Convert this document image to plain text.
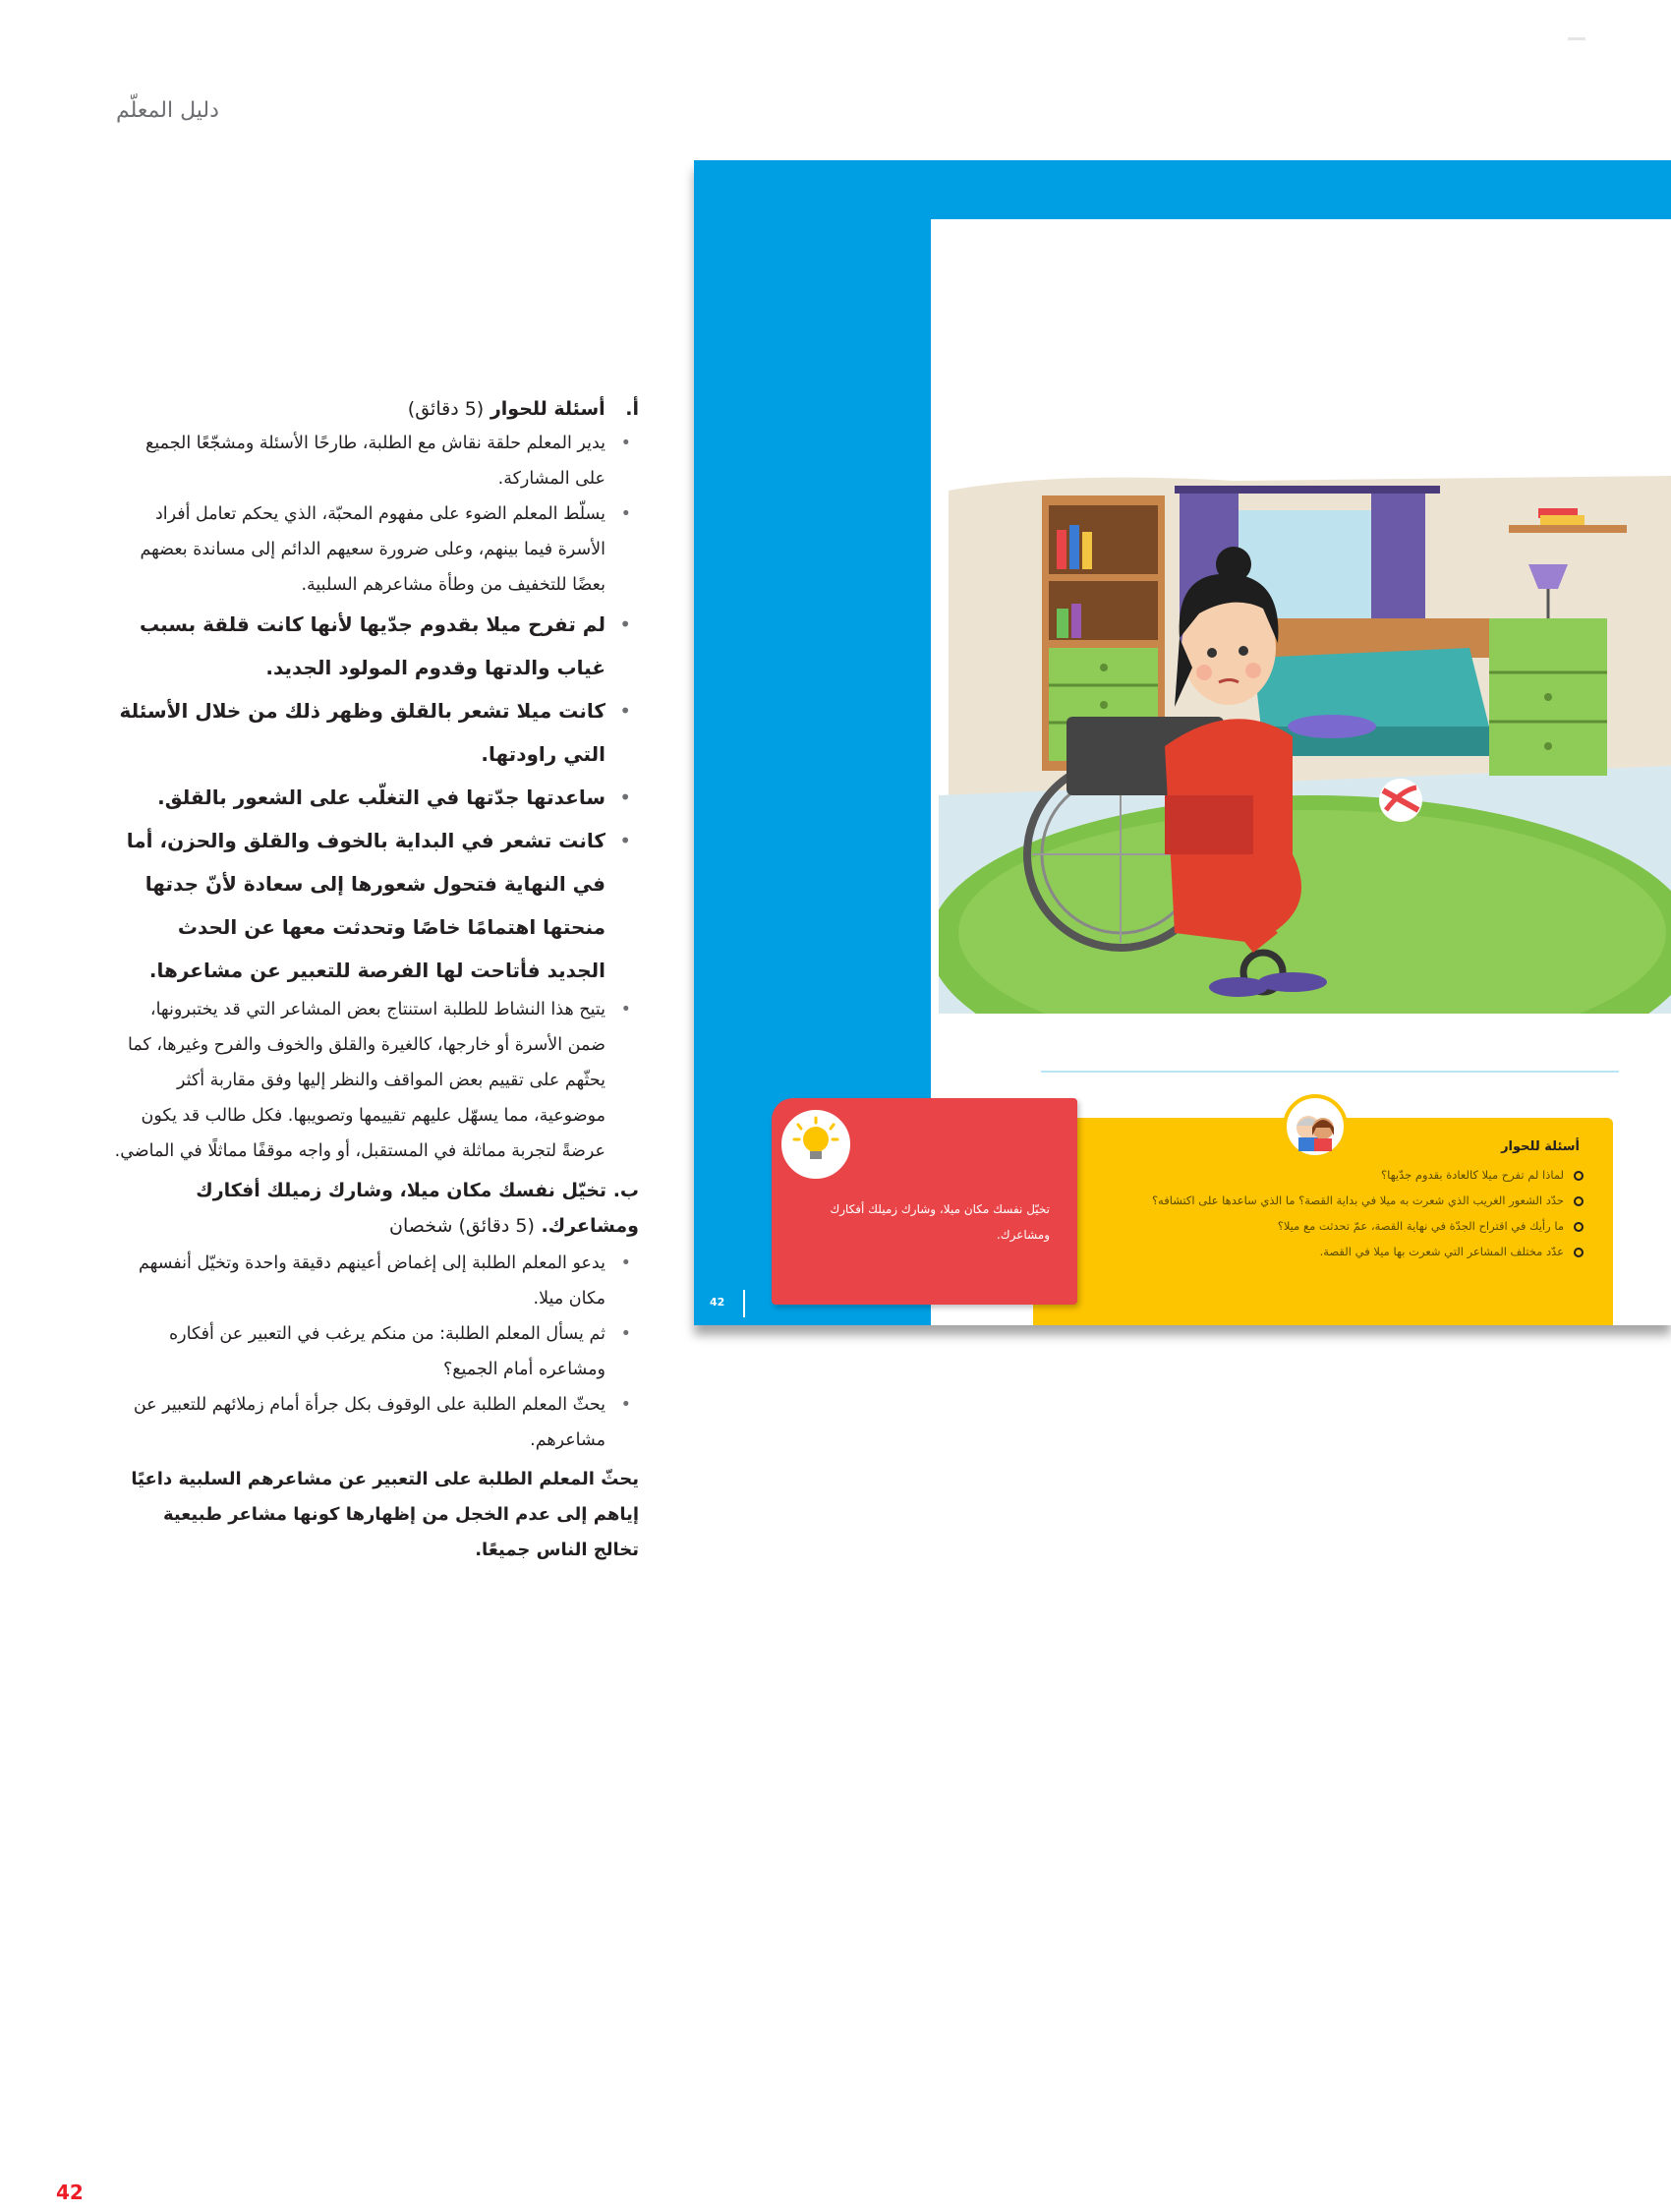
دليل المعلّم
أ. أسئلة للحوار (5 دقائق)
• يدير المعلم حلقة نقاش مع الطلبة، طارحًا الأسئلة ومشجّعًا الجميع على المشاركة.
• يسلّط المعلم الضوء على مفهوم المحبّة، الذي يحكم تعامل أفراد الأسرة فيما بينهم، وعلى ضرورة سعيهم الدائم إلى مساندة بعضهم بعضًا للتخفيف من وطأة مشاعرهم السلبية.
• لم تفرح ميلا بقدوم جدّيها لأنها كانت قلقة بسبب غياب والدتها وقدوم المولود الجديد.
• كانت ميلا تشعر بالقلق وظهر ذلك من خلال الأسئلة التي راودتها.
• ساعدتها جدّتها في التغلّب على الشعور بالقلق.
• كانت تشعر في البداية بالخوف والقلق والحزن، أما في النهاية فتحول شعورها إلى سعادة لأنّ جدتها منحتها اهتمامًا خاصًا وتحدثت معها عن الحدث الجديد فأتاحت لها الفرصة للتعبير عن مشاعرها.
• يتيح هذا النشاط للطلبة استنتاج بعض المشاعر التي قد يختبرونها، ضمن الأسرة أو خارجها، كالغيرة والقلق والخوف والفرح وغيرها، كما يحثّهم على تقييم بعض المواقف والنظر إليها وفق مقاربة أكثر موضوعية، مما يسهّل عليهم تقييمها وتصويبها. فكل طالب قد يكون عرضةً لتجربة مماثلة في المستقبل، أو واجه موقفًا مماثلًا في الماضي.
ب. تخيّل نفسك مكان ميلا، وشارك زميلك أفكارك ومشاعرك. (5 دقائق) شخصان
• يدعو المعلم الطلبة إلى إغماض أعينهم دقيقة واحدة وتخيّل أنفسهم مكان ميلا.
• ثم يسأل المعلم الطلبة: من منكم يرغب في التعبير عن أفكاره ومشاعره أمام الجميع؟
• يحثّ المعلم الطلبة على الوقوف بكل جرأة أمام زملائهم للتعبير عن مشاعرهم.
يحثّ المعلم الطلبة على التعبير عن مشاعرهم السلبية داعيًا إياهم إلى عدم الخجل من إظهارها كونها مشاعر طبيعية تخالج الناس جميعًا.
42
أسئلة للحوار
لماذا لم تفرح ميلا كالعادة بقدوم جدّيها؟
حدّد الشعور الغريب الذي شعرت به ميلا في بداية القصة؟ ما الذي ساعدها على اكتشافه؟
ما رأيك في اقتراح الجدّة في نهاية القصة، عمّ تحدثت مع ميلا؟
عدّد مختلف المشاعر التي شعرت بها ميلا في القصة.

تخيّل نفسك مكان ميلا، وشارك زميلك أفكارك ومشاعرك.

42
